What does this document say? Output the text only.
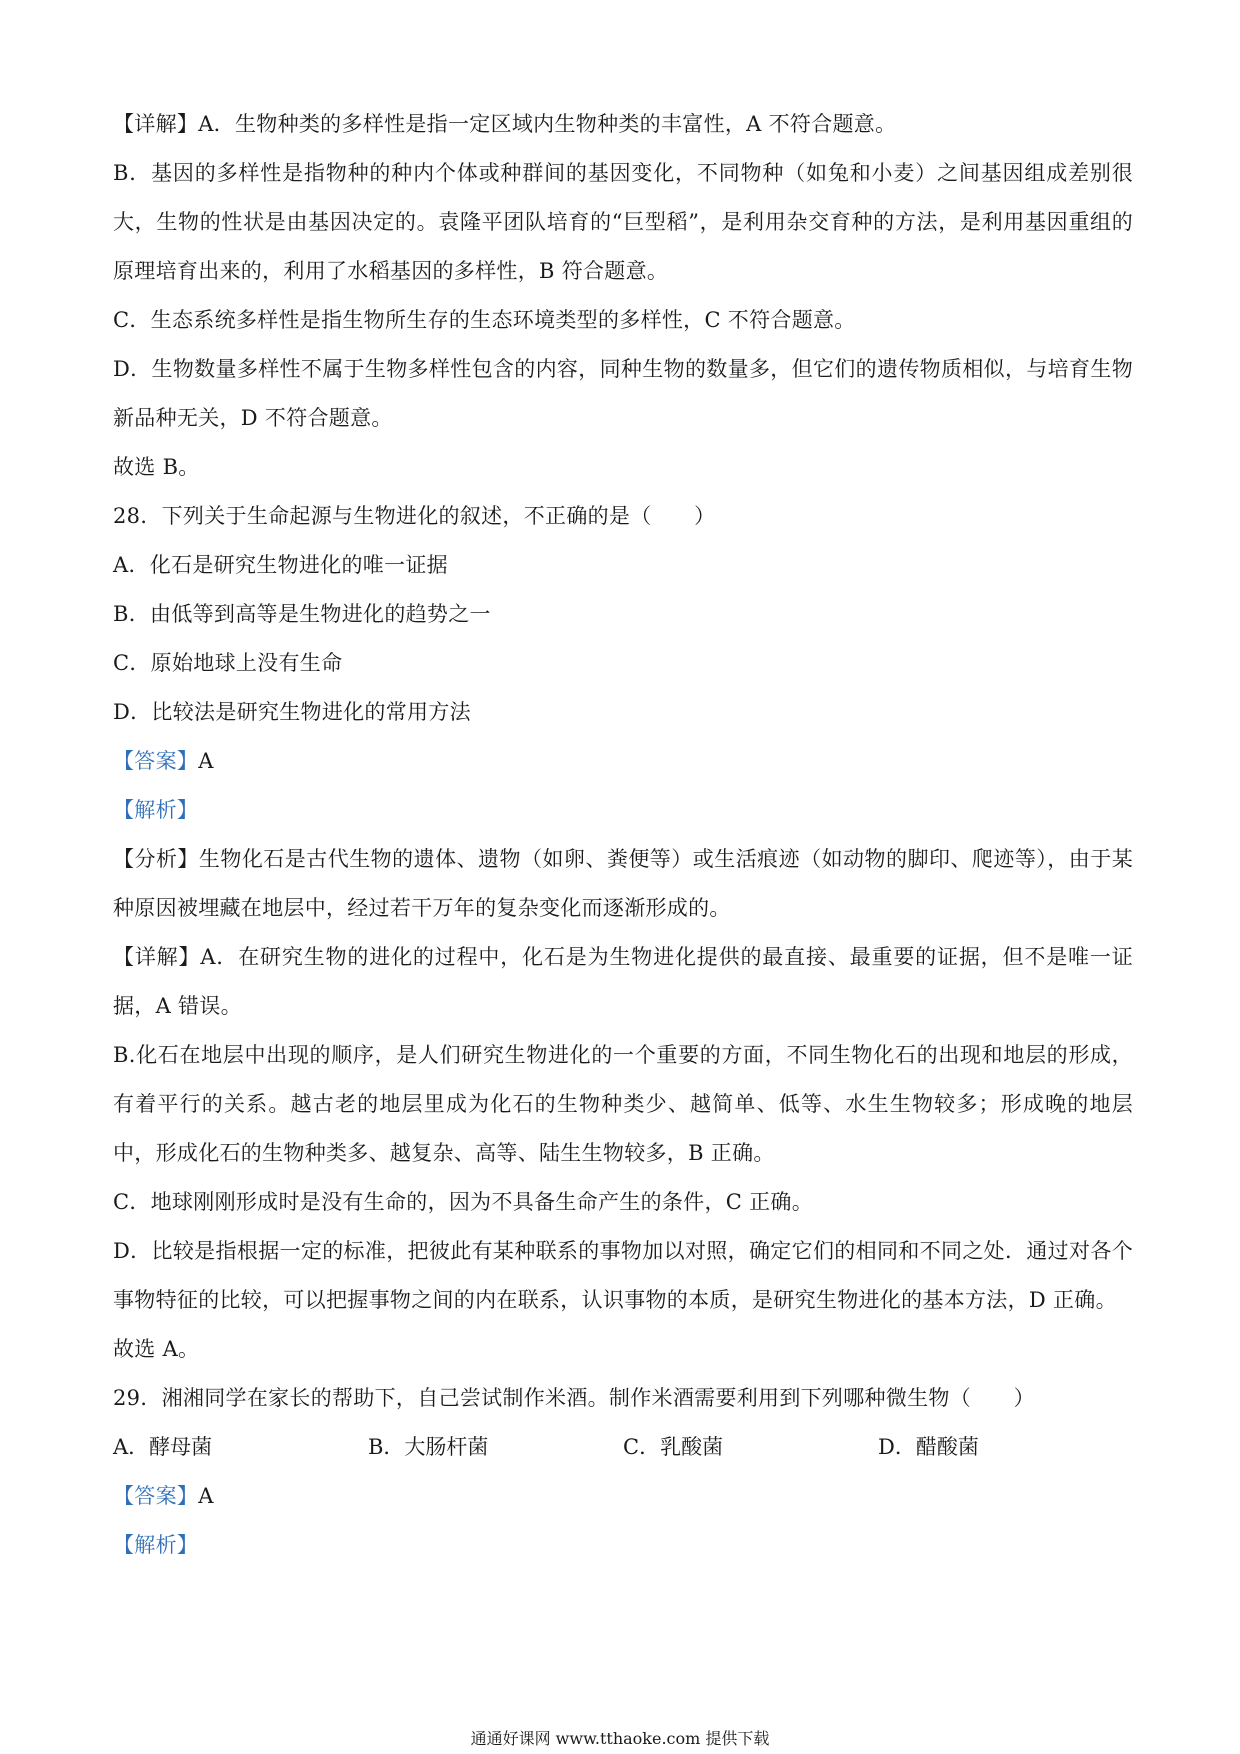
【详解】A．生物种类的多样性是指一定区域内生物种类的丰富性，A 不符合题意。
B．基因的多样性是指物种的种内个体或种群间的基因变化，不同物种（如兔和小麦）之间基因组成差别很大，生物的性状是由基因决定的。袁隆平团队培育的“巨型稻”，是利用杂交育种的方法，是利用基因重组的原理培育出来的，利用了水稻基因的多样性，B 符合题意。
C．生态系统多样性是指生物所生存的生态环境类型的多样性，C 不符合题意。
D．生物数量多样性不属于生物多样性包含的内容，同种生物的数量多，但它们的遗传物质相似，与培育生物新品种无关，D 不符合题意。
故选 B。
28．下列关于生命起源与生物进化的叙述，不正确的是（　　）
A．化石是研究生物进化的唯一证据
B．由低等到高等是生物进化的趋势之一
C．原始地球上没有生命
D．比较法是研究生物进化的常用方法
【答案】A
【解析】
【分析】生物化石是古代生物的遗体、遗物（如卵、粪便等）或生活痕迹（如动物的脚印、爬迹等），由于某种原因被埋藏在地层中，经过若干万年的复杂变化而逐渐形成的。
【详解】A．在研究生物的进化的过程中，化石是为生物进化提供的最直接、最重要的证据，但不是唯一证据，A 错误。
B.化石在地层中出现的顺序，是人们研究生物进化的一个重要的方面，不同生物化石的出现和地层的形成，有着平行的关系。越古老的地层里成为化石的生物种类少、越简单、低等、水生生物较多；形成晚的地层中，形成化石的生物种类多、越复杂、高等、陆生生物较多，B 正确。
C．地球刚刚形成时是没有生命的，因为不具备生命产生的条件，C 正确。
D．比较是指根据一定的标准，把彼此有某种联系的事物加以对照，确定它们的相同和不同之处．通过对各个事物特征的比较，可以把握事物之间的内在联系，认识事物的本质，是研究生物进化的基本方法，D 正确。
故选 A。
29．湘湘同学在家长的帮助下，自己尝试制作米酒。制作米酒需要利用到下列哪种微生物（　　）
A．酵母菌	B．大肠杆菌	C．乳酸菌	D．醋酸菌
【答案】A
【解析】
通通好课网 www.tthaoke.com 提供下载
